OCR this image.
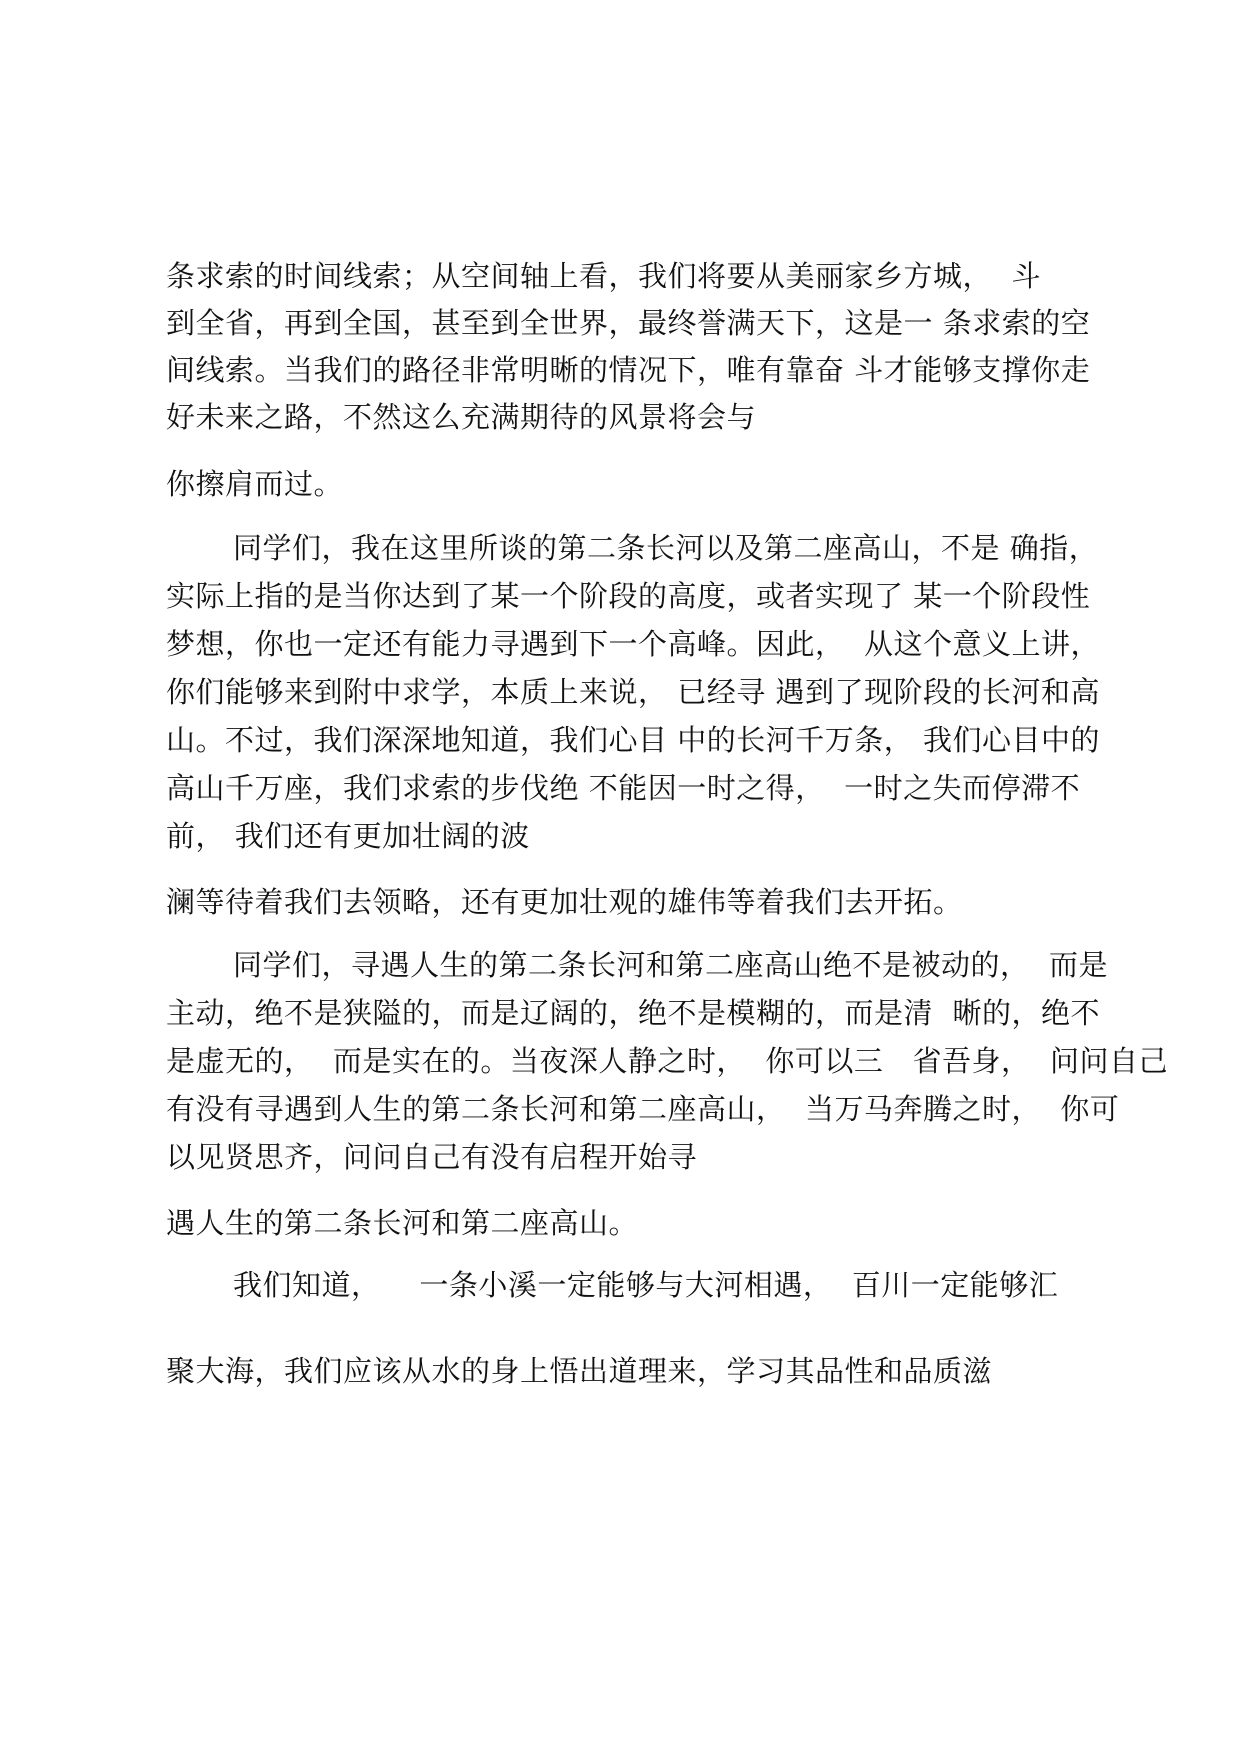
条求索的时间线索；从空间轴上看，我们将要从美丽家乡方城，  斗
到全省，再到全国，甚至到全世界，最终誉满天下，这是一 条求索的空
间线索。当我们的路径非常明晰的情况下，唯有靠奋 斗才能够支撑你走
好未来之路，不然这么充满期待的风景将会与
你擦肩而过。
同学们，我在这里所谈的第二条长河以及第二座高山，不是 确指，
实际上指的是当你达到了某一个阶段的高度，或者实现了 某一个阶段性
梦想，你也一定还有能力寻遇到下一个高峰。因此，  从这个意义上讲，
你们能够来到附中求学，本质上来说， 已经寻 遇到了现阶段的长河和高
山。不过，我们深深地知道，我们心目 中的长河千万条， 我们心目中的
高山千万座，我们求索的步伐绝 不能因一时之得，  一时之失而停滞不
前， 我们还有更加壮阔的波
澜等待着我们去领略，还有更加壮观的雄伟等着我们去开拓。
同学们，寻遇人生的第二条长河和第二座高山绝不是被动的，  而是
主动，绝不是狭隘的，而是辽阔的，绝不是模糊的，而是清  晰的，绝不
是虚无的，  而是实在的。当夜深人静之时，  你可以三   省吾身，  问问自己
有没有寻遇到人生的第二条长河和第二座高山，  当万马奔腾之时，  你可
以见贤思齐，问问自己有没有启程开始寻
遇人生的第二条长河和第二座高山。
我们知道，    一条小溪一定能够与大河相遇，  百川一定能够汇
聚大海，我们应该从水的身上悟出道理来，学习其品性和品质滋
